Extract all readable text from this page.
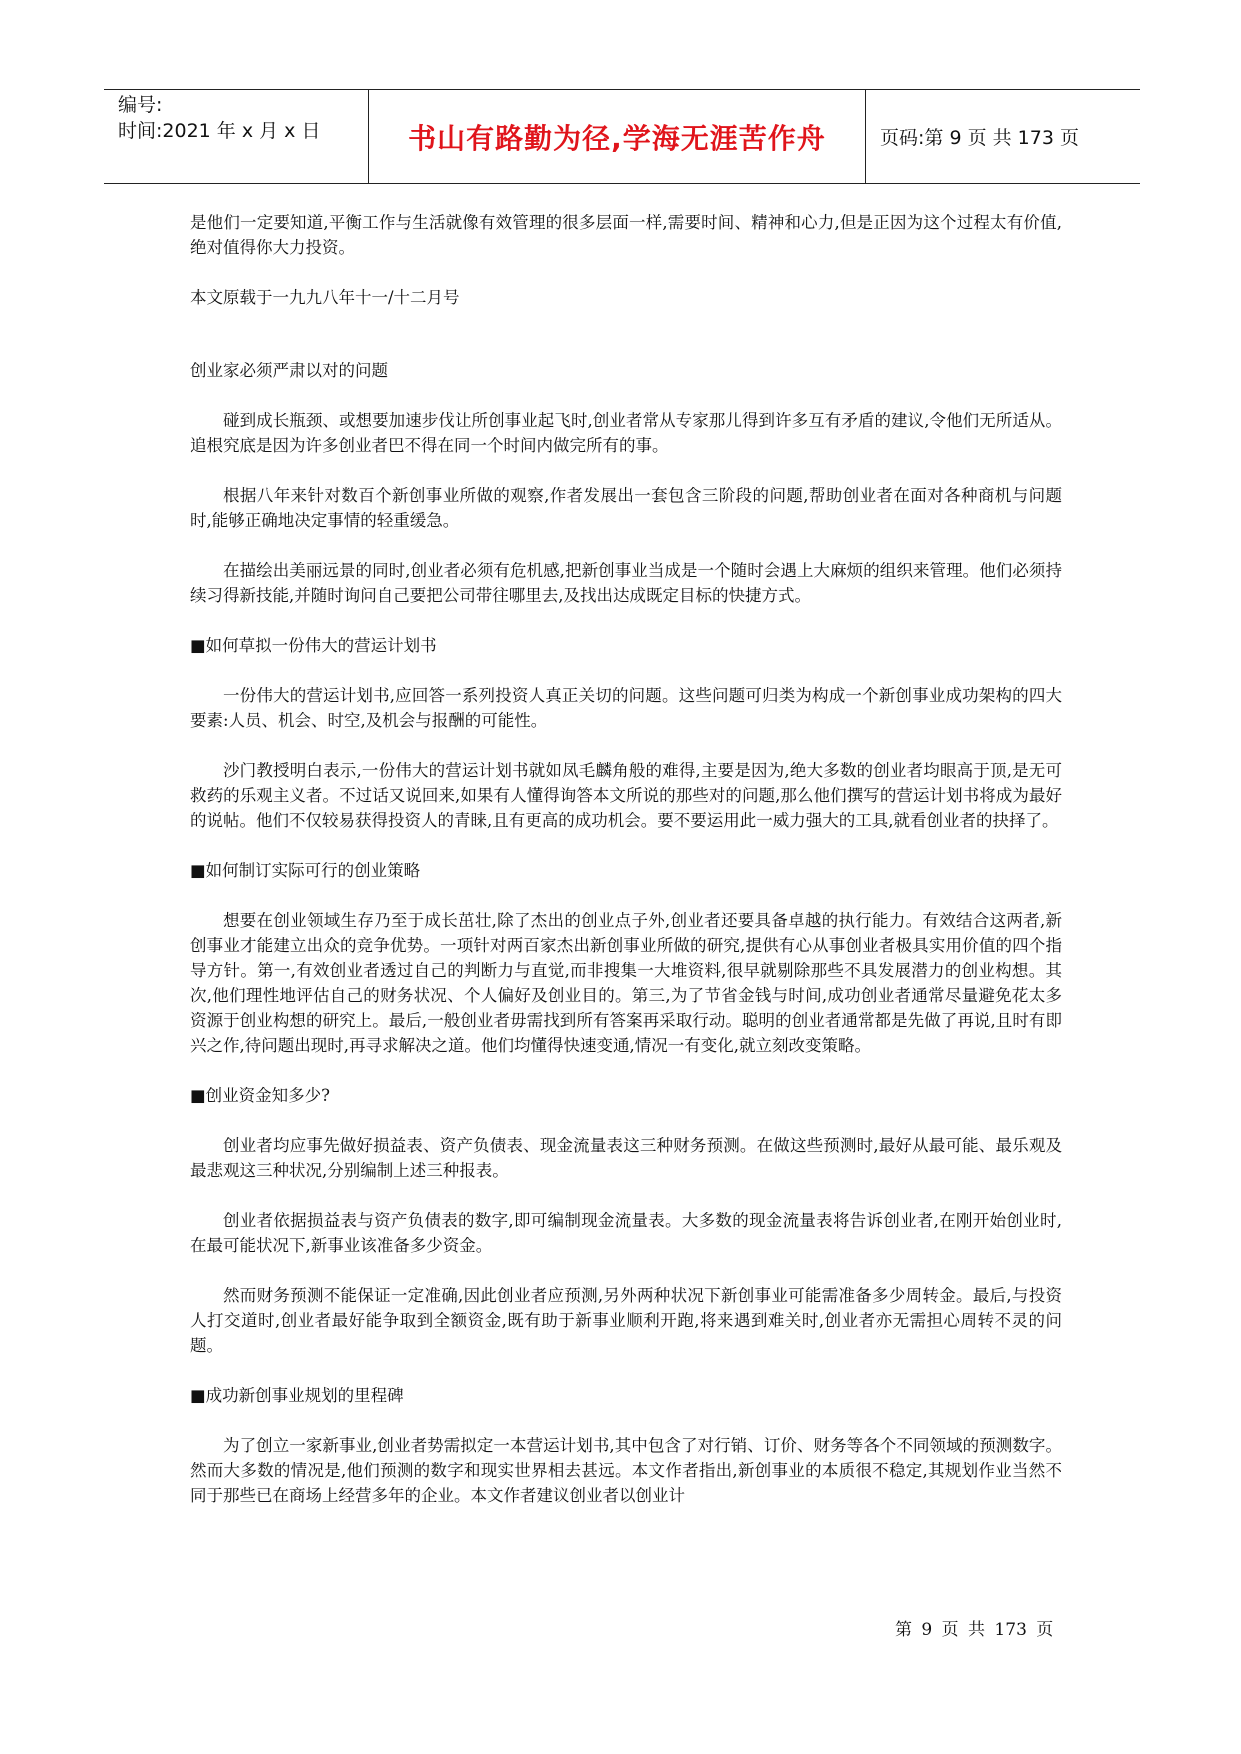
编号:
时间:2021 年 x 月 x 日	书山有路勤为径,学海无涯苦作舟	页码:第 9 页 共 173 页

是他们一定要知道,平衡工作与生活就像有效管理的很多层面一样,需要时间、精神和心力,但是正因为这个过程太有价值,绝对值得你大力投资。

本文原载于一九九八年十一/十二月号

创业家必须严肃以对的问题

碰到成长瓶颈、或想要加速步伐让所创事业起飞时,创业者常从专家那儿得到许多互有矛盾的建议,令他们无所适从。追根究底是因为许多创业者巴不得在同一个时间内做完所有的事。

根据八年来针对数百个新创事业所做的观察,作者发展出一套包含三阶段的问题,帮助创业者在面对各种商机与问题时,能够正确地决定事情的轻重缓急。

在描绘出美丽远景的同时,创业者必须有危机感,把新创事业当成是一个随时会遇上大麻烦的组织来管理。他们必须持续习得新技能,并随时询问自己要把公司带往哪里去,及找出达成既定目标的快捷方式。

■如何草拟一份伟大的营运计划书

一份伟大的营运计划书,应回答一系列投资人真正关切的问题。这些问题可归类为构成一个新创事业成功架构的四大要素:人员、机会、时空,及机会与报酬的可能性。

沙门教授明白表示,一份伟大的营运计划书就如凤毛麟角般的难得,主要是因为,绝大多数的创业者均眼高于顶,是无可救药的乐观主义者。不过话又说回来,如果有人懂得询答本文所说的那些对的问题,那么他们撰写的营运计划书将成为最好的说帖。他们不仅较易获得投资人的青睐,且有更高的成功机会。要不要运用此一威力强大的工具,就看创业者的抉择了。

■如何制订实际可行的创业策略

想要在创业领域生存乃至于成长茁壮,除了杰出的创业点子外,创业者还要具备卓越的执行能力。有效结合这两者,新创事业才能建立出众的竞争优势。一项针对两百家杰出新创事业所做的研究,提供有心从事创业者极具实用价值的四个指导方针。第一,有效创业者透过自己的判断力与直觉,而非搜集一大堆资料,很早就剔除那些不具发展潜力的创业构想。其次,他们理性地评估自己的财务状况、个人偏好及创业目的。第三,为了节省金钱与时间,成功创业者通常尽量避免花太多资源于创业构想的研究上。最后,一般创业者毋需找到所有答案再采取行动。聪明的创业者通常都是先做了再说,且时有即兴之作,待问题出现时,再寻求解决之道。他们均懂得快速变通,情况一有变化,就立刻改变策略。

■创业资金知多少?

创业者均应事先做好损益表、资产负债表、现金流量表这三种财务预测。在做这些预测时,最好从最可能、最乐观及最悲观这三种状况,分别编制上述三种报表。

创业者依据损益表与资产负债表的数字,即可编制现金流量表。大多数的现金流量表将告诉创业者,在刚开始创业时,在最可能状况下,新事业该准备多少资金。

然而财务预测不能保证一定准确,因此创业者应预测,另外两种状况下新创事业可能需准备多少周转金。最后,与投资人打交道时,创业者最好能争取到全额资金,既有助于新事业顺利开跑,将来遇到难关时,创业者亦无需担心周转不灵的问题。

■成功新创事业规划的里程碑

为了创立一家新事业,创业者势需拟定一本营运计划书,其中包含了对行销、订价、财务等各个不同领域的预测数字。然而大多数的情况是,他们预测的数字和现实世界相去甚远。本文作者指出,新创事业的本质很不稳定,其规划作业当然不同于那些已在商场上经营多年的企业。本文作者建议创业者以创业计

第 9 页 共 173 页
